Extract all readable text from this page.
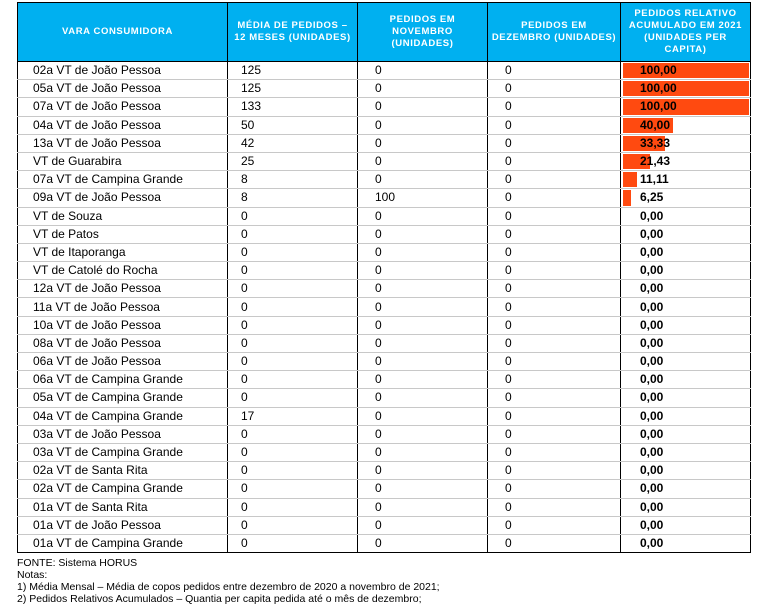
VARA CONSUMIDORA	MÉDIA DE PEDIDOS – 12 MESES (UNIDADES)	PEDIDOS EM NOVEMBRO (UNIDADES)	PEDIDOS EM DEZEMBRO (UNIDADES)	PEDIDOS RELATIVO ACUMULADO EM 2021 (UNIDADES PER CAPITA)
02a VT de João Pessoa	125	0	0	100,00
05a VT de João Pessoa	125	0	0	100,00
07a VT de João Pessoa	133	0	0	100,00
04a VT de João Pessoa	50	0	0	40,00
13a VT de João Pessoa	42	0	0	33,33
VT de Guarabira	25	0	0	21,43
07a VT de Campina Grande	8	0	0	11,11
09a VT de João Pessoa	8	100	0	6,25
VT de Souza	0	0	0	0,00
VT de Patos	0	0	0	0,00
VT de Itaporanga	0	0	0	0,00
VT de Catolé do Rocha	0	0	0	0,00
12a VT de João Pessoa	0	0	0	0,00
11a VT de João Pessoa	0	0	0	0,00
10a VT de João Pessoa	0	0	0	0,00
08a VT de João Pessoa	0	0	0	0,00
06a VT de João Pessoa	0	0	0	0,00
06a VT de Campina Grande	0	0	0	0,00
05a VT de Campina Grande	0	0	0	0,00
04a VT de Campina Grande	17	0	0	0,00
03a VT de João Pessoa	0	0	0	0,00
03a VT de Campina Grande	0	0	0	0,00
02a VT de Santa Rita	0	0	0	0,00
02a VT de Campina Grande	0	0	0	0,00
01a VT de Santa Rita	0	0	0	0,00
01a VT de João Pessoa	0	0	0	0,00
01a VT de Campina Grande	0	0	0	0,00
FONTE: Sistema HORUS
Notas:
1) Média Mensal – Média de copos pedidos entre dezembro de 2020 a novembro de 2021;
2) Pedidos Relativos Acumulados – Quantia per capita pedida até o mês de dezembro;
